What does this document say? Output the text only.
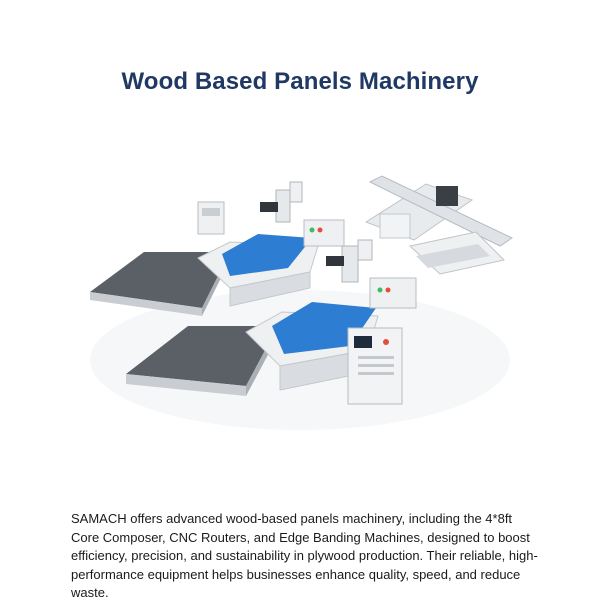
Wood Based Panels Machinery

SAMACH offers advanced wood-based panels machinery, including the 4*8ft Core Composer, CNC Routers, and Edge Banding Machines, designed to boost efficiency, precision, and sustainability in plywood production. Their reliable, high-performance equipment helps businesses enhance quality, speed, and reduce waste.
